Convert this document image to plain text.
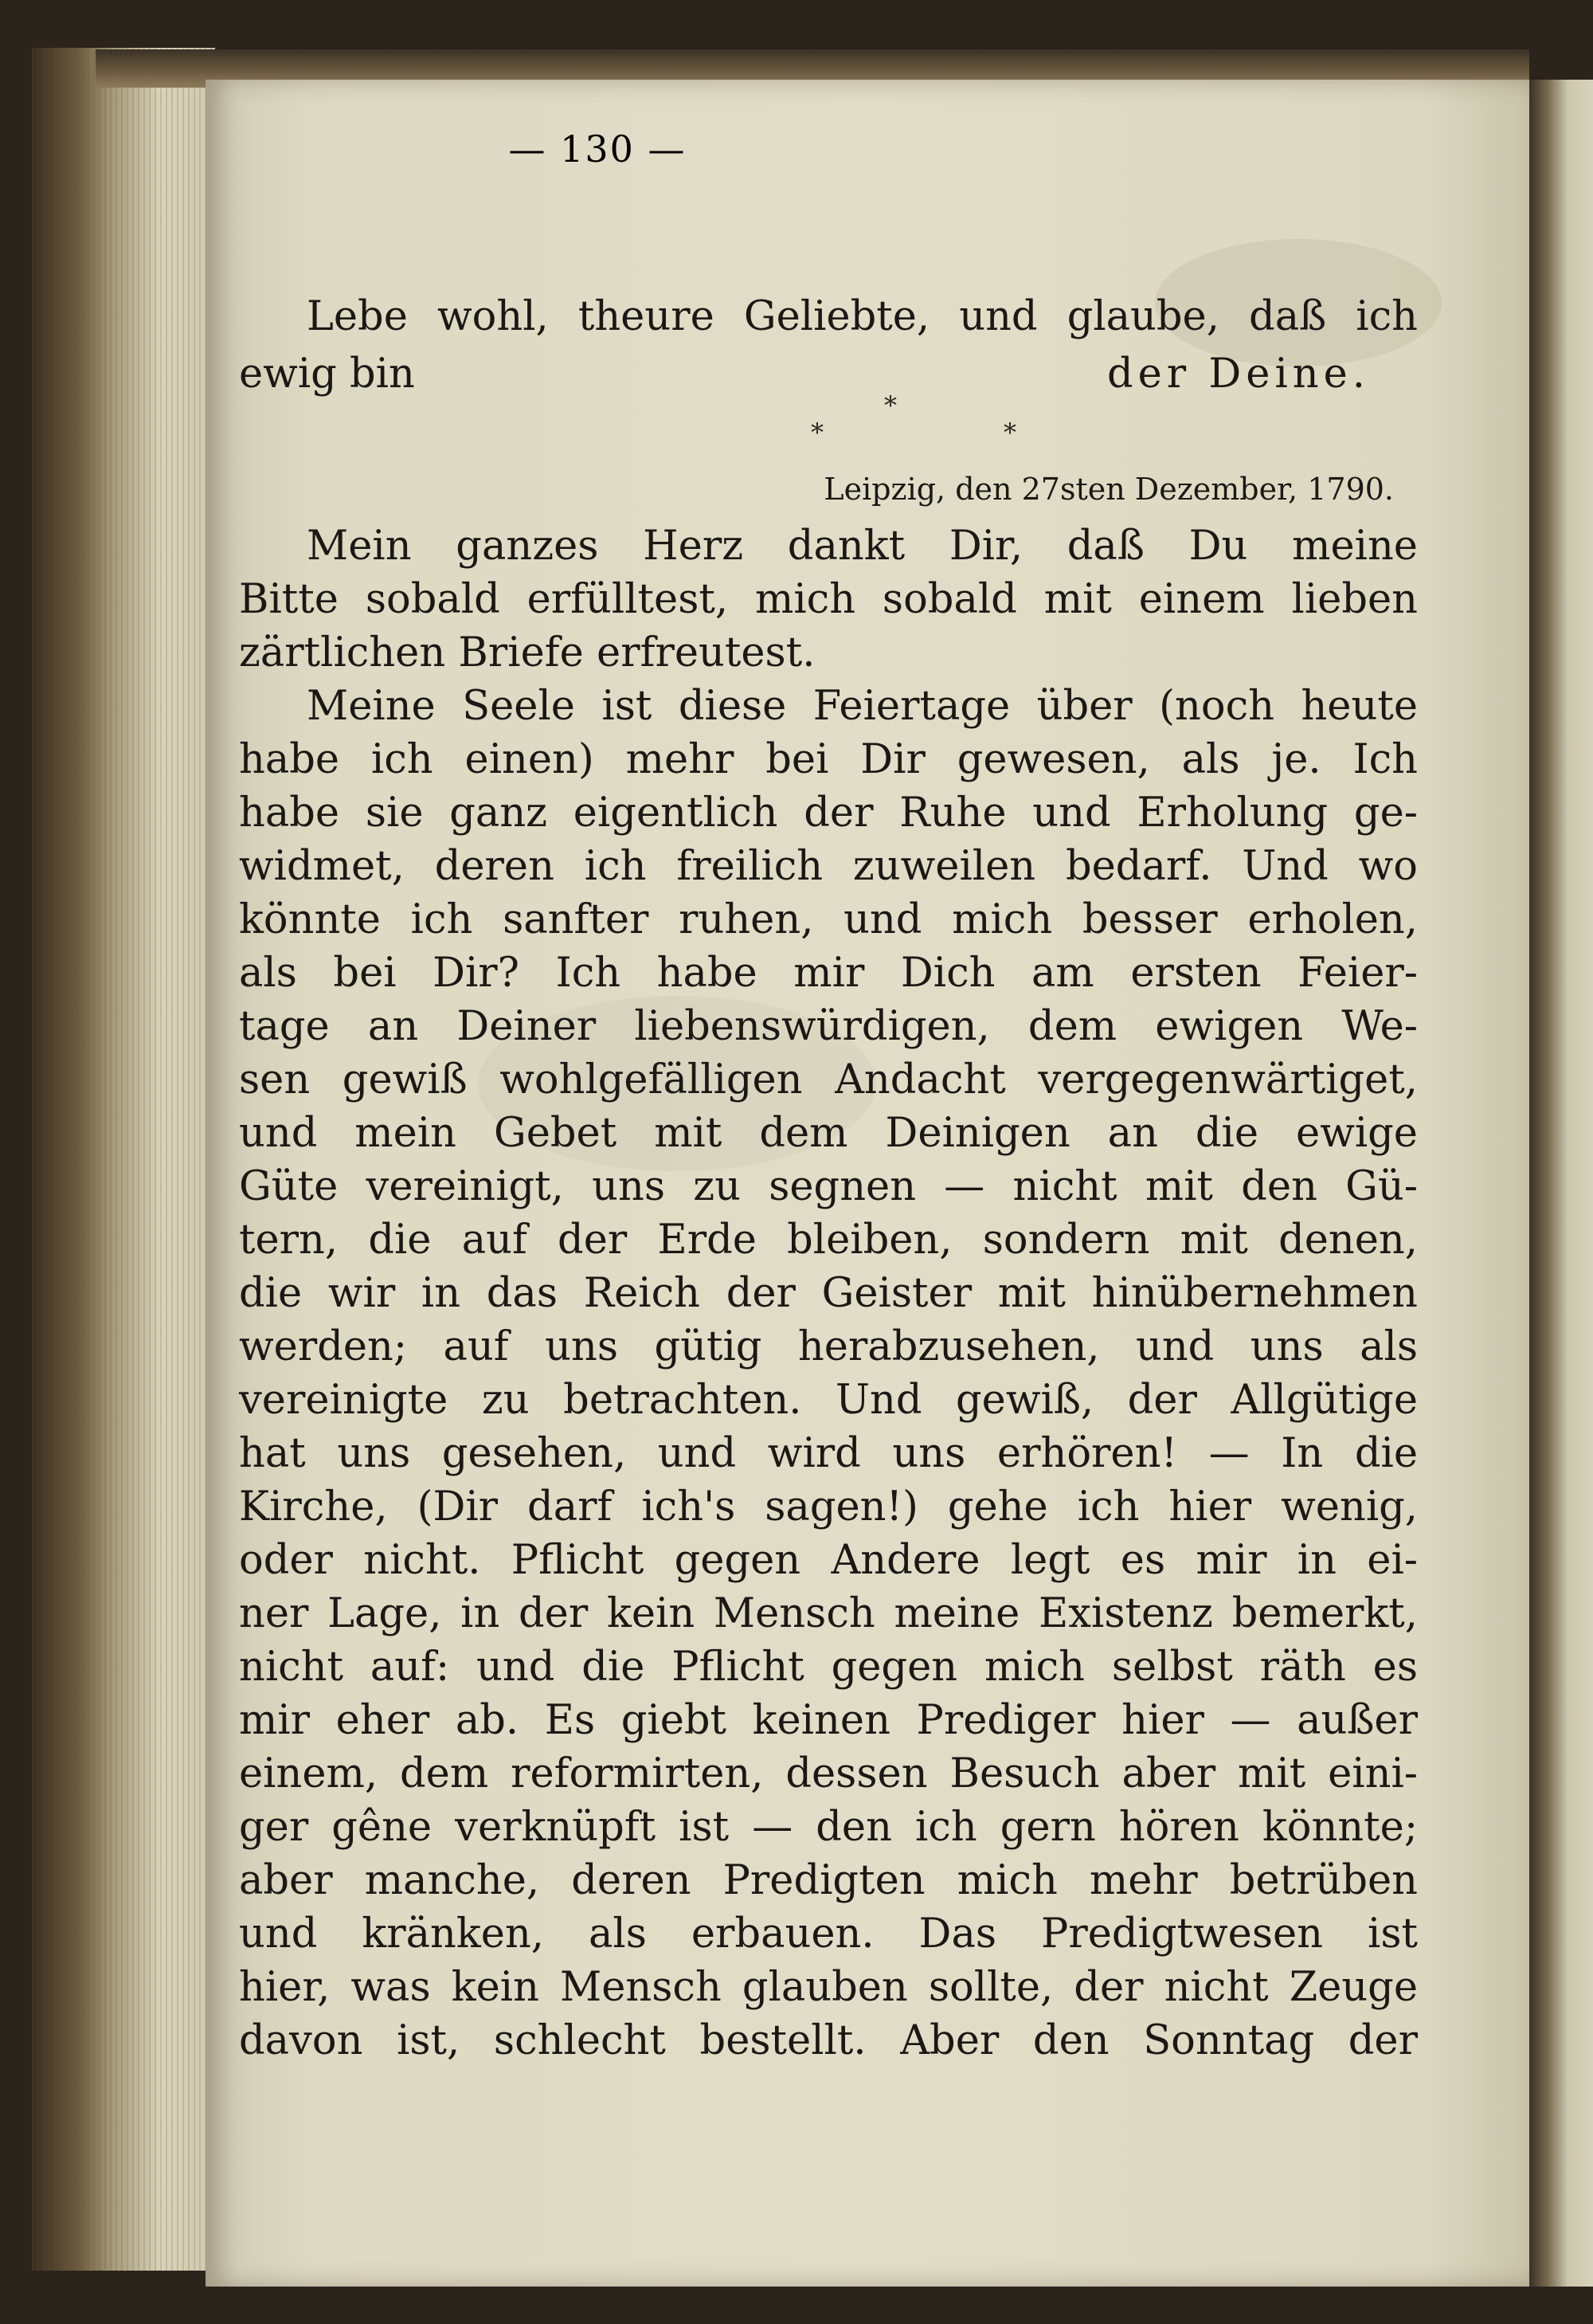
— 130 —
Lebe wohl, theure Geliebte, und glaube, daß ich
ewig bin	der Deine.
*
*	*
Leipzig, den 27sten Dezember, 1790.
Mein ganzes Herz dankt Dir, daß Du meine
Bitte sobald erfülltest, mich sobald mit einem lieben
zärtlichen Briefe erfreutest.
Meine Seele ist diese Feiertage über (noch heute
habe ich einen) mehr bei Dir gewesen, als je. Ich
habe sie ganz eigentlich der Ruhe und Erholung ge-
widmet, deren ich freilich zuweilen bedarf. Und wo
könnte ich sanfter ruhen, und mich besser erholen,
als bei Dir? Ich habe mir Dich am ersten Feier-
tage an Deiner liebenswürdigen, dem ewigen We-
sen gewiß wohlgefälligen Andacht vergegenwärtiget,
und mein Gebet mit dem Deinigen an die ewige
Güte vereinigt, uns zu segnen — nicht mit den Gü-
tern, die auf der Erde bleiben, sondern mit denen,
die wir in das Reich der Geister mit hinübernehmen
werden; auf uns gütig herabzusehen, und uns als
vereinigte zu betrachten. Und gewiß, der Allgütige
hat uns gesehen, und wird uns erhören! — In die
Kirche, (Dir darf ich's sagen!) gehe ich hier wenig,
oder nicht. Pflicht gegen Andere legt es mir in ei-
ner Lage, in der kein Mensch meine Existenz bemerkt,
nicht auf: und die Pflicht gegen mich selbst räth es
mir eher ab. Es giebt keinen Prediger hier — außer
einem, dem reformirten, dessen Besuch aber mit eini-
ger gêne verknüpft ist — den ich gern hören könnte;
aber manche, deren Predigten mich mehr betrüben
und kränken, als erbauen. Das Predigtwesen ist
hier, was kein Mensch glauben sollte, der nicht Zeuge
davon ist, schlecht bestellt. Aber den Sonntag der
